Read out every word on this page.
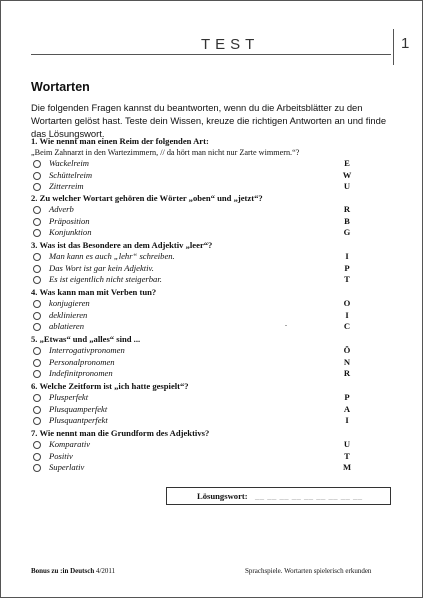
TEST	1
Wortarten
Die folgenden Fragen kannst du beantworten, wenn du die Arbeitsblätter zu den Wortarten gelöst hast. Teste dein Wissen, kreuze die richtigen Antworten an und finde das Lösungswort.
1. Wie nennt man einen Reim der folgenden Art:
„Beim Zahnarzt in den Wartezimmern, // da hört man nicht nur Zarte wimmern.“?
Wackelreim	E
Schüttelreim	W
Zitterreim	U
2. Zu welcher Wortart gehören die Wörter „oben“ und „jetzt“?
Adverb	R
Präposition	B
Konjunktion	G
3. Was ist das Besondere an dem Adjektiv „leer“?
Man kann es auch „lehr“ schreiben.	I
Das Wort ist gar kein Adjektiv.	P
Es ist eigentlich nicht steigerbar.	T
4. Was kann man mit Verben tun?
konjugieren	O
deklinieren	I
ablatieren	C
.
5. „Etwas“ und „alles“ sind ...
Interrogativpronomen	Ö
Personalpronomen	N
Indefinitpronomen	R
6. Welche Zeitform ist „ich hatte gespielt“?
Plusperfekt	P
Plusquamperfekt	A
Plusquantperfekt	I
7. Wie nennt man die Grundform des Adjektivs?
Komparativ	U
Positiv	T
Superlativ	M
Lösungswort: __ __ __ __ __ __ __ __ __
Bonus zu :in Deutsch 4/2011	Sprachspiele. Wortarten spielerisch erkunden
